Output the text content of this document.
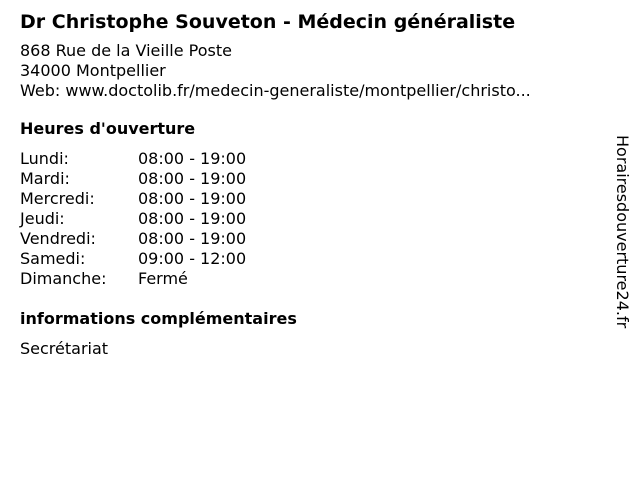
Dr Christophe Souveton - Médecin généraliste
868 Rue de la Vieille Poste
34000 Montpellier
Web: www.doctolib.fr/medecin-generaliste/montpellier/christo...
Heures d'ouverture
Lundi:	08:00 - 19:00
Mardi:	08:00 - 19:00
Mercredi:	08:00 - 19:00
Jeudi:	08:00 - 19:00
Vendredi:	08:00 - 19:00
Samedi:	09:00 - 12:00
Dimanche:	Fermé
informations complémentaires
Secrétariat
Horairesdouverture24.fr
